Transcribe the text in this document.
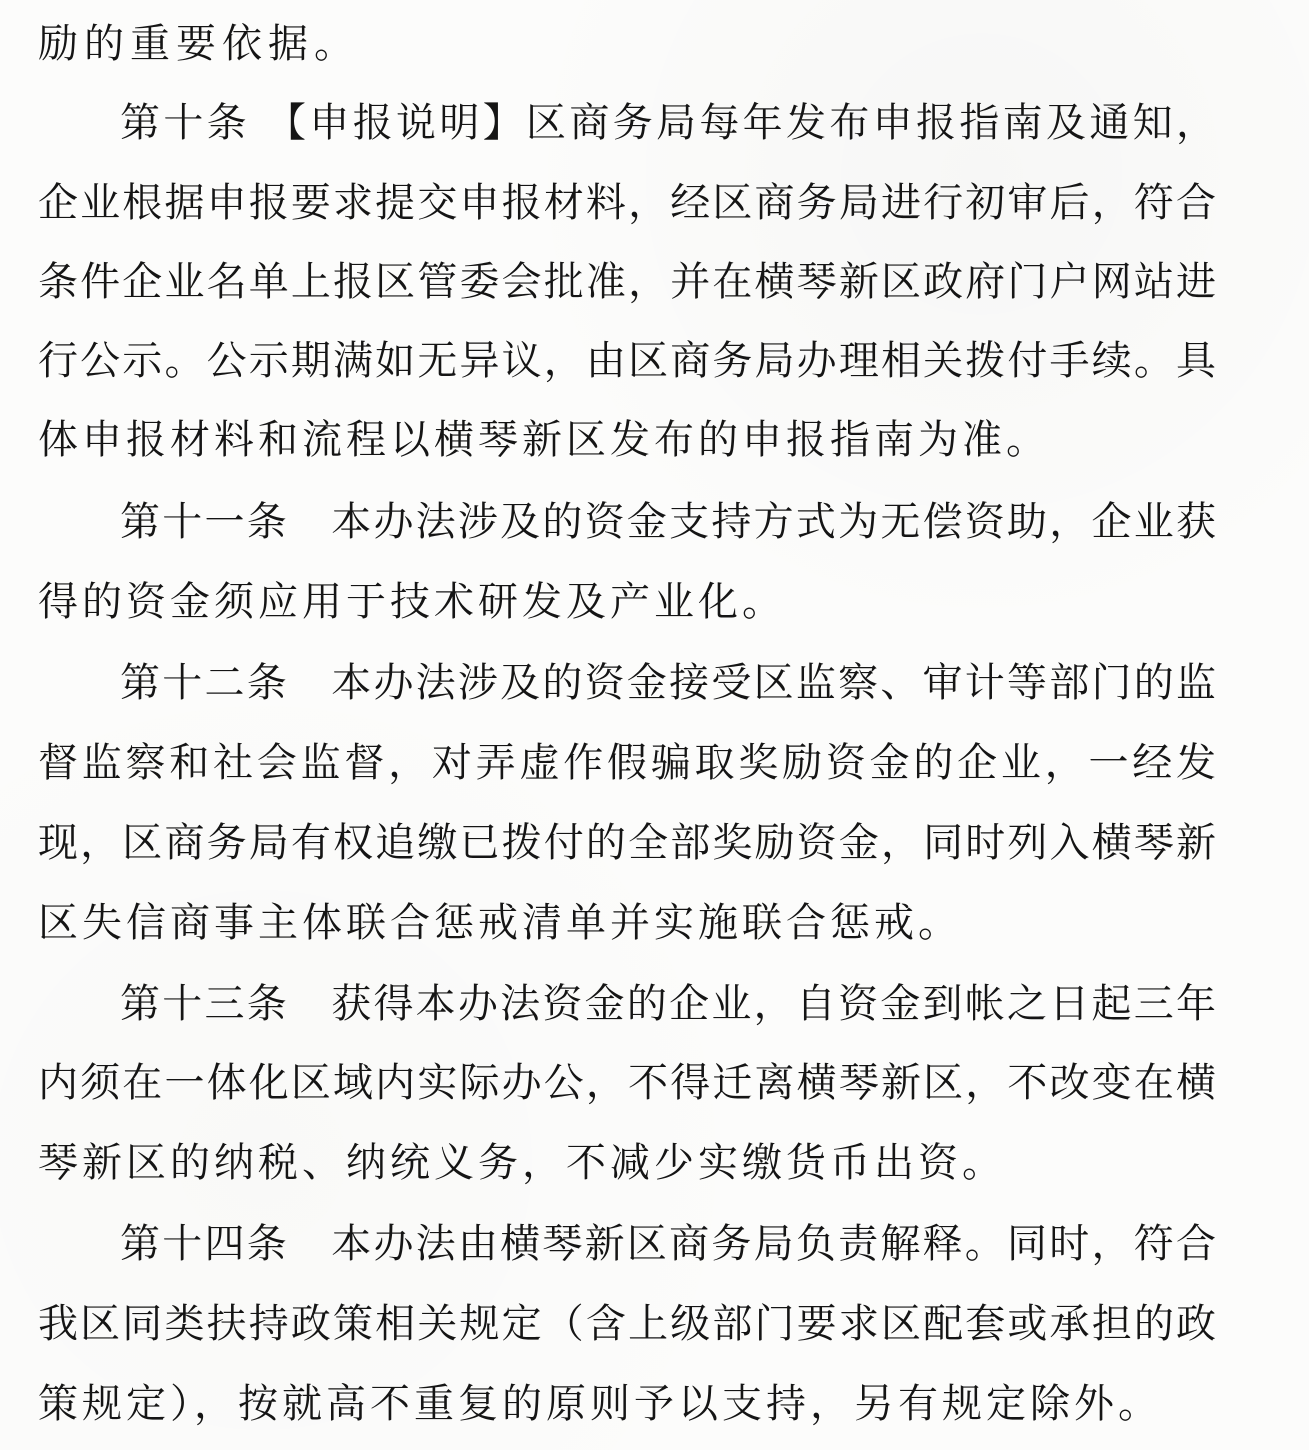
励的重要依据。
第十条 【申报说明】区商务局每年发布申报指南及通知，
企业根据申报要求提交申报材料，经区商务局进行初审后，符合
条件企业名单上报区管委会批准，并在横琴新区政府门户网站进
行公示。公示期满如无异议，由区商务局办理相关拨付手续。具
体申报材料和流程以横琴新区发布的申报指南为准。
第十一条　本办法涉及的资金支持方式为无偿资助，企业获
得的资金须应用于技术研发及产业化。
第十二条　本办法涉及的资金接受区监察、审计等部门的监
督监察和社会监督，对弄虚作假骗取奖励资金的企业，一经发
现，区商务局有权追缴已拨付的全部奖励资金，同时列入横琴新
区失信商事主体联合惩戒清单并实施联合惩戒。
第十三条　获得本办法资金的企业，自资金到帐之日起三年
内须在一体化区域内实际办公，不得迁离横琴新区，不改变在横
琴新区的纳税、纳统义务，不减少实缴货币出资。
第十四条　本办法由横琴新区商务局负责解释。同时，符合
我区同类扶持政策相关规定（含上级部门要求区配套或承担的政
策规定），按就高不重复的原则予以支持，另有规定除外。
